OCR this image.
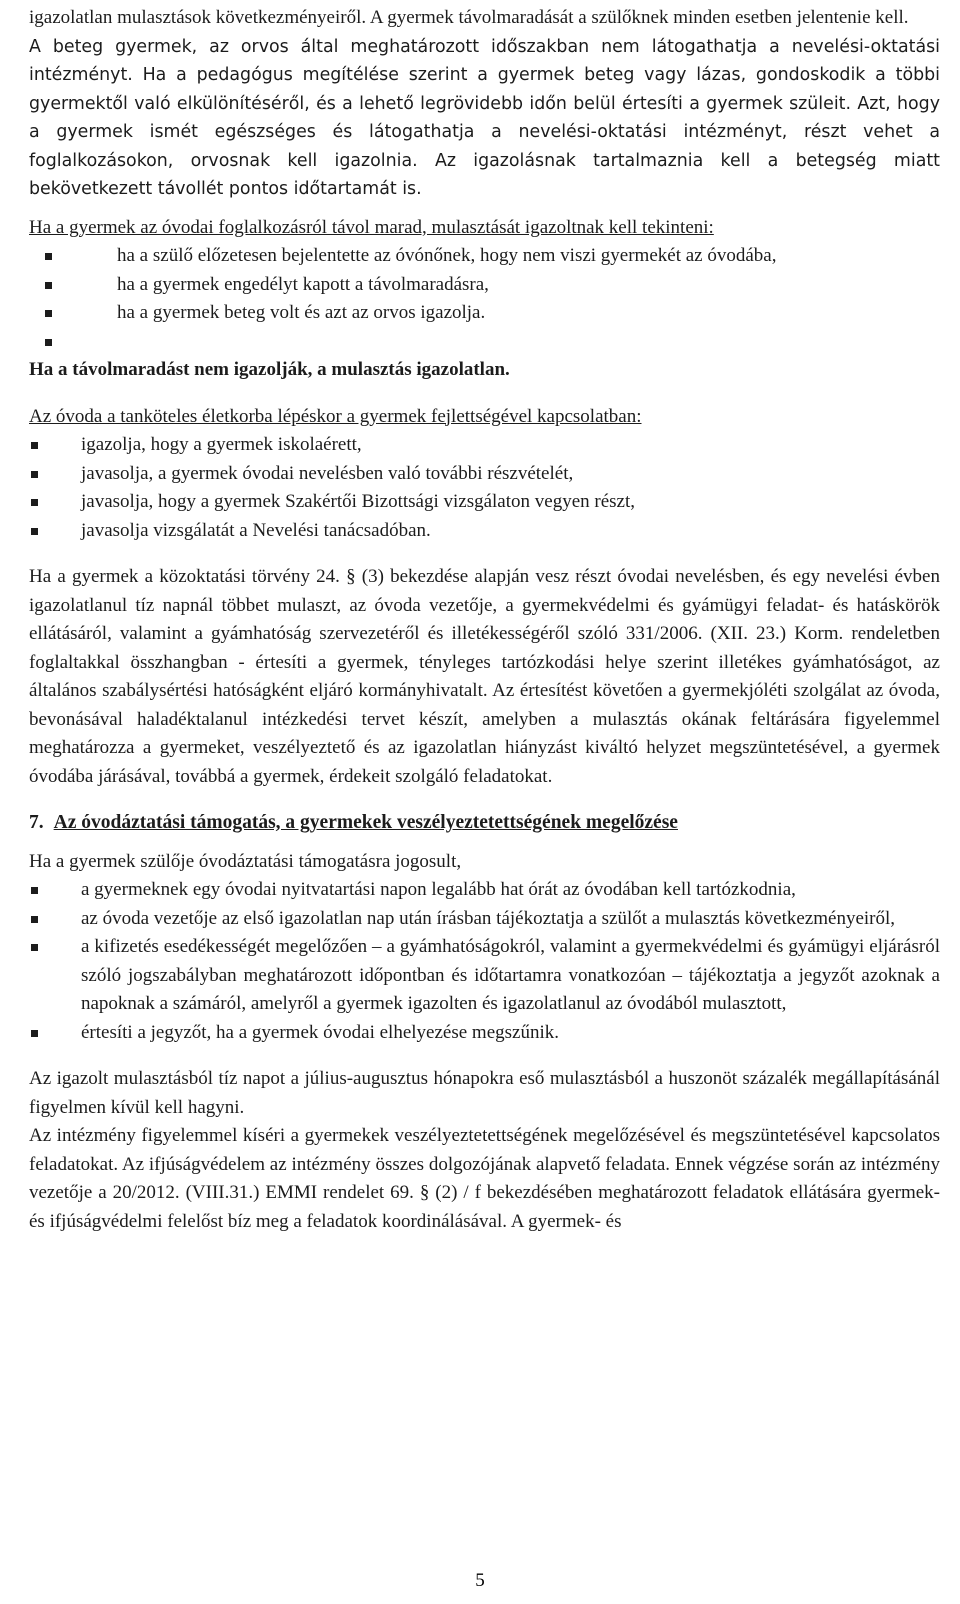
igazolatlan mulasztások következményeiről. A gyermek távolmaradását a szülőknek minden esetben jelentenie kell.

A beteg gyermek, az orvos által meghatározott időszakban nem látogathatja a nevelési-oktatási intézményt. Ha a pedagógus megítélése szerint a gyermek beteg vagy lázas, gondoskodik a többi gyermektől való elkülönítéséről, és a lehető legrövidebb időn belül értesíti a gyermek szüleit. Azt, hogy a gyermek ismét egészséges és látogathatja a nevelési-oktatási intézményt, részt vehet a foglalkozásokon, orvosnak kell igazolnia. Az igazolásnak tartalmaznia kell a betegség miatt bekövetkezett távollét pontos időtartamát is.

Ha a gyermek az óvodai foglalkozásról távol marad, mulasztását igazoltnak kell tekinteni:

ha a szülő előzetesen bejelentette az óvónőnek, hogy nem viszi gyermekét az óvodába,
ha a gyermek engedélyt kapott a távolmaradásra,
ha a gyermek beteg volt és azt az orvos igazolja.

Ha a távolmaradást nem igazolják, a mulasztás igazolatlan.

Az óvoda a tanköteles életkorba lépéskor a gyermek fejlettségével kapcsolatban:

igazolja, hogy a gyermek iskolaérett,
javasolja, a gyermek óvodai nevelésben való további részvételét,
javasolja, hogy a gyermek Szakértői Bizottsági vizsgálaton vegyen részt,
javasolja vizsgálatát a Nevelési tanácsadóban.

Ha a gyermek a közoktatási törvény 24. § (3) bekezdése alapján vesz részt óvodai nevelésben, és egy nevelési évben igazolatlanul tíz napnál többet mulaszt, az óvoda vezetője, a gyermekvédelmi és gyámügyi feladat- és hatáskörök ellátásáról, valamint a gyámhatóság szervezetéről és illetékességéről szóló 331/2006. (XII. 23.) Korm. rendeletben foglaltakkal összhangban - értesíti a gyermek, tényleges tartózkodási helye szerint illetékes gyámhatóságot, az általános szabálysértési hatóságként eljáró kormányhivatalt. Az értesítést követően a gyermekjóléti szolgálat az óvoda, bevonásával haladéktalanul intézkedési tervet készít, amelyben a mulasztás okának feltárására figyelemmel meghatározza a gyermeket, veszélyeztető és az igazolatlan hiányzást kiváltó helyzet megszüntetésével, a gyermek óvodába járásával, továbbá a gyermek, érdekeit szolgáló feladatokat.

7. Az óvodáztatási támogatás, a gyermekek veszélyeztetettségének megelőzése

Ha a gyermek szülője óvodáztatási támogatásra jogosult,

a gyermeknek egy óvodai nyitvatartási napon legalább hat órát az óvodában kell tartózkodnia,
az óvoda vezetője az első igazolatlan nap után írásban tájékoztatja a szülőt a mulasztás következményeiről,
a kifizetés esedékességét megelőzően – a gyámhatóságokról, valamint a gyermekvédelmi és gyámügyi eljárásról szóló jogszabályban meghatározott időpontban és időtartamra vonatkozóan – tájékoztatja a jegyzőt azoknak a napoknak a számáról, amelyről a gyermek igazolten és igazolatlanul az óvodából mulasztott,
értesíti a jegyzőt, ha a gyermek óvodai elhelyezése megszűnik.

Az igazolt mulasztásból tíz napot a július-augusztus hónapokra eső mulasztásból a huszonöt százalék megállapításánál figyelmen kívül kell hagyni.

Az intézmény figyelemmel kíséri a gyermekek veszélyeztetettségének megelőzésével és megszüntetésével kapcsolatos feladatokat. Az ifjúságvédelem az intézmény összes dolgozójának alapvető feladata. Ennek végzése során az intézmény vezetője a 20/2012. (VIII.31.) EMMI rendelet 69. § (2) / f bekezdésében meghatározott feladatok ellátására gyermek- és ifjúságvédelmi felelőst bíz meg a feladatok koordinálásával. A gyermek- és

5
